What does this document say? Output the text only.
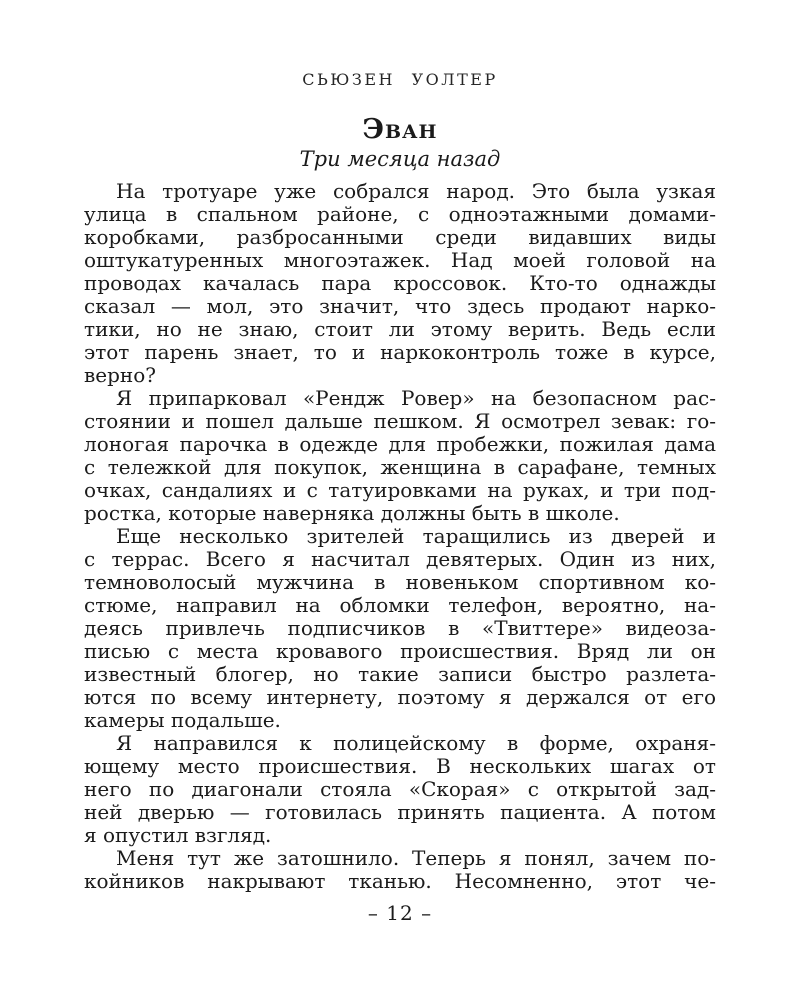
СЬЮЗЕН УОЛТЕР
Эван
Три месяца назад
На тротуаре уже собрался народ. Это была узкая
улица в спальном районе, с одноэтажными домами-
коробками, разбросанными среди видавших виды
оштукатуренных многоэтажек. Над моей головой на
проводах качалась пара кроссовок. Кто-то однажды
сказал — мол, это значит, что здесь продают нарко-
тики, но не знаю, стоит ли этому верить. Ведь если
этот парень знает, то и наркоконтроль тоже в курсе,
верно?
Я припарковал «Рендж Ровер» на безопасном рас-
стоянии и пошел дальше пешком. Я осмотрел зевак: го-
лоногая парочка в одежде для пробежки, пожилая дама
с тележкой для покупок, женщина в сарафане, темных
очках, сандалиях и с татуировками на руках, и три под-
ростка, которые наверняка должны быть в школе.
Еще несколько зрителей таращились из дверей и
с террас. Всего я насчитал девятерых. Один из них,
темноволосый мужчина в новеньком спортивном ко-
стюме, направил на обломки телефон, вероятно, на-
деясь привлечь подписчиков в «Твиттере» видеоза-
писью с места кровавого происшествия. Вряд ли он
известный блогер, но такие записи быстро разлета-
ются по всему интернету, поэтому я держался от его
камеры подальше.
Я направился к полицейскому в форме, охраня-
ющему место происшествия. В нескольких шагах от
него по диагонали стояла «Скорая» с открытой зад-
ней дверью — готовилась принять пациента. А потом
я опустил взгляд.
Меня тут же затошнило. Теперь я понял, зачем по-
койников накрывают тканью. Несомненно, этот че-
– 12 –
